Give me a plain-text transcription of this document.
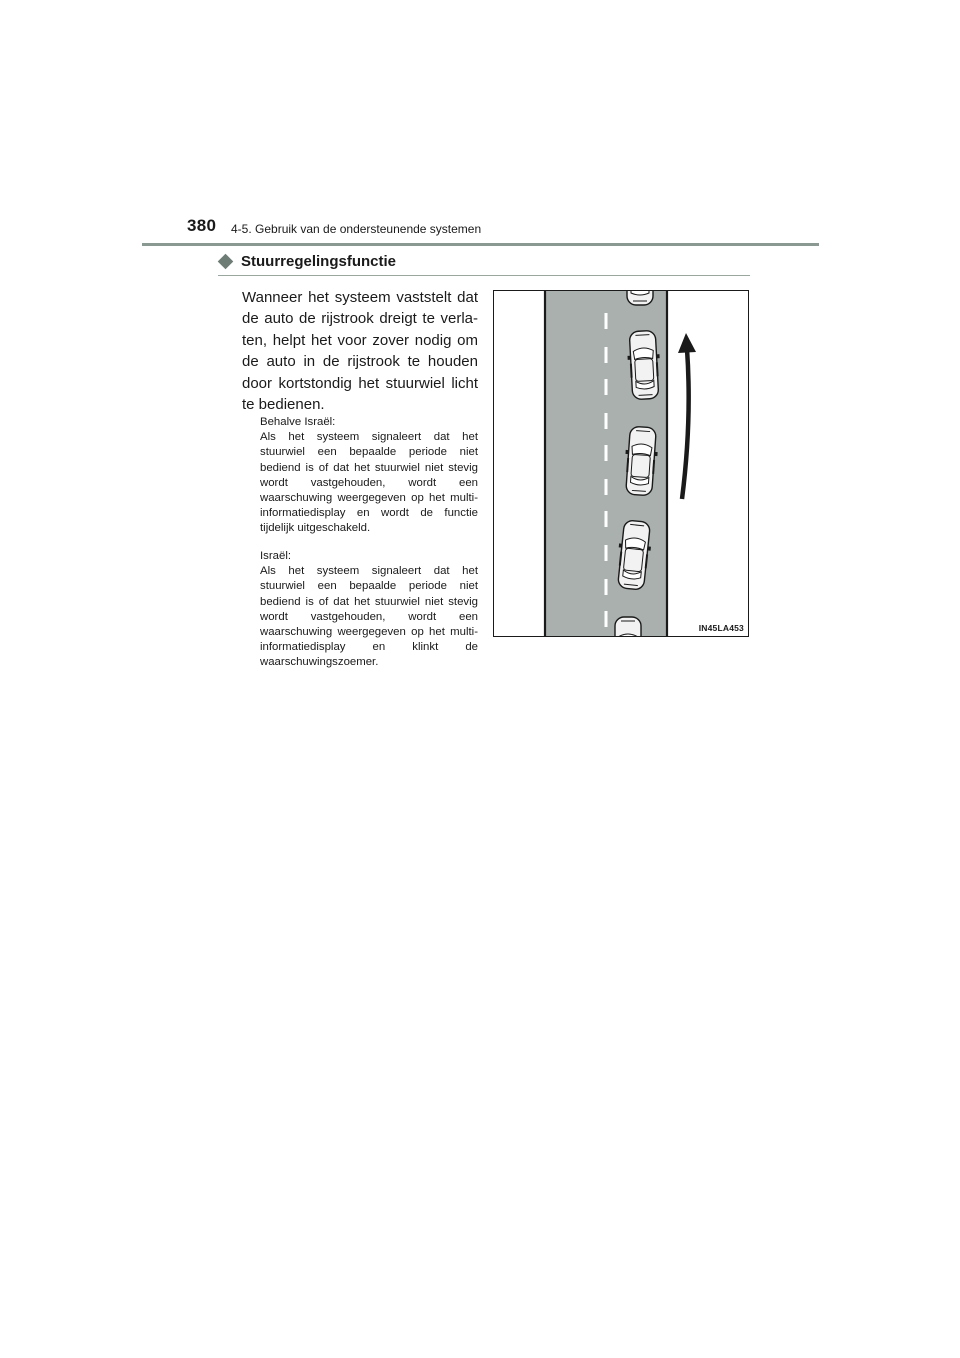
380 4-5. Gebruik van de ondersteunende systemen
Stuurregelingsfunctie

Wanneer het systeem vaststelt dat de auto de rijstrook dreigt te verla-ten, helpt het voor zover nodig om de auto in de rijstrook te houden door kortstondig het stuurwiel licht te bedienen.

Behalve Israël:
Als het systeem signaleert dat het stuurwiel een bepaalde periode niet bediend is of dat het stuurwiel niet stevig wordt vastgehouden, wordt een waarschuwing weergegeven op het multi-informatiedisplay en wordt de functie tijdelijk uitgeschakeld.
Israël:
Als het systeem signaleert dat het stuurwiel een bepaalde periode niet bediend is of dat het stuurwiel niet stevig wordt vastgehouden, wordt een waarschuwing weergegeven op het multi-informatiedisplay en klinkt de waarschuwingszoemer.
IN45LA453
